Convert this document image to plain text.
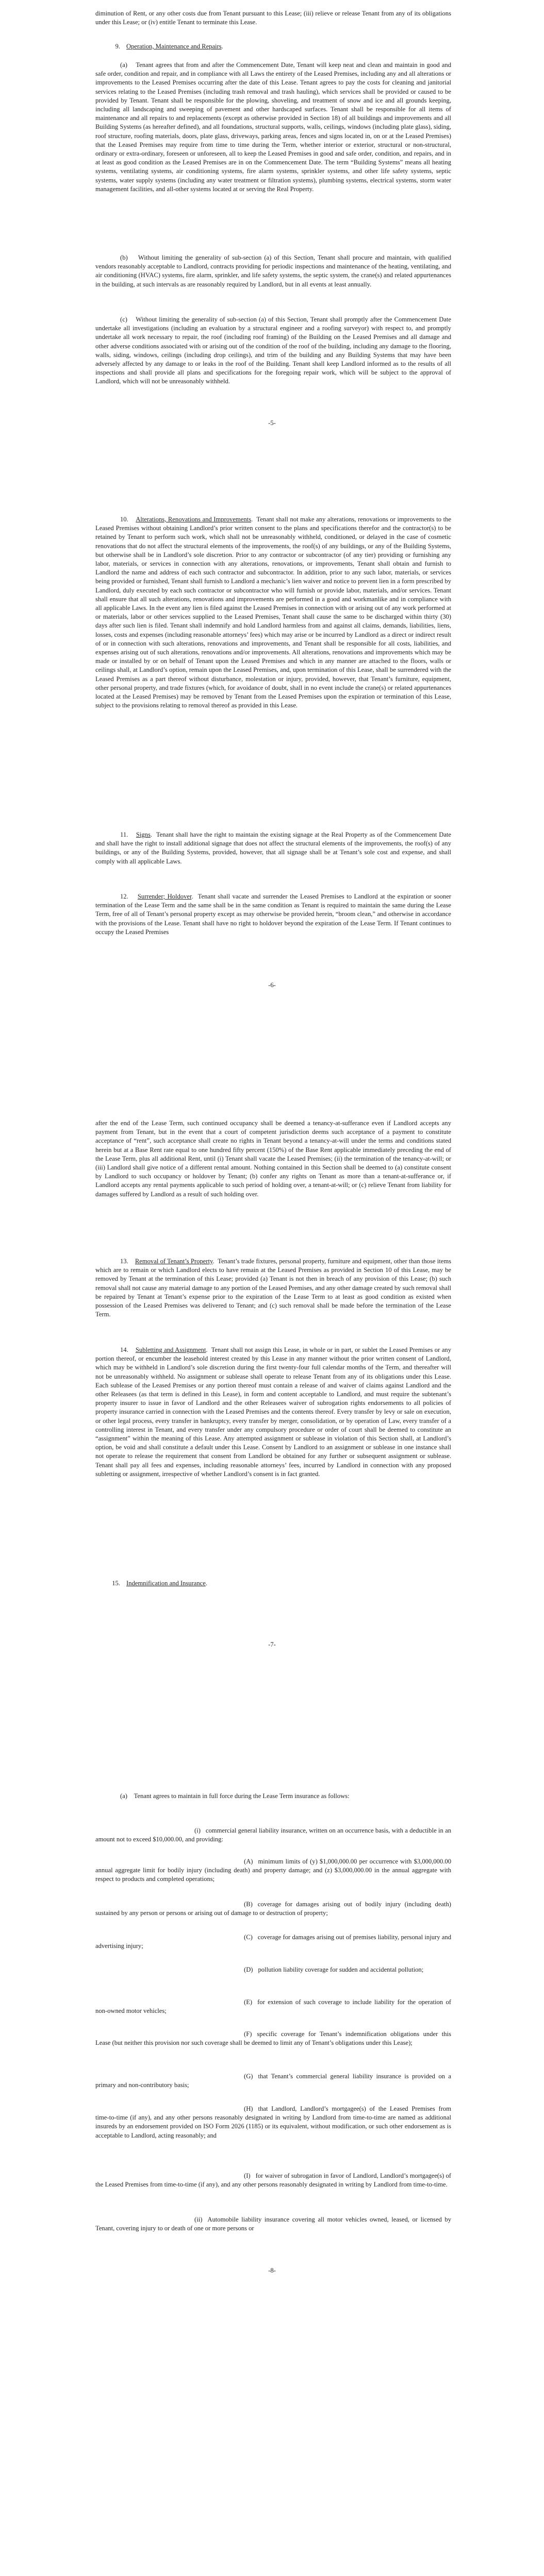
diminution of Rent, or any other costs due from Tenant pursuant to this Lease; (iii) relieve or release Tenant from any of its obligations under this Lease; or (iv) entitle Tenant to terminate this Lease.

9. Operation, Maintenance and Repairs.

(a)    Tenant agrees that from and after the Commencement Date, Tenant will keep neat and clean and maintain in good and safe order, condition and repair, and in compliance with all Laws the entirety of the Leased Premises, including any and all alterations or improvements to the Leased Premises occurring after the date of this Lease. Tenant agrees to pay the costs for cleaning and janitorial services relating to the Leased Premises (including trash removal and trash hauling), which services shall be provided or caused to be provided by Tenant. Tenant shall be responsible for the plowing, shoveling, and treatment of snow and ice and all grounds keeping, including all landscaping and sweeping of pavement and other hardscaped surfaces. Tenant shall be responsible for all items of maintenance and all repairs to and replacements (except as otherwise provided in Section 18) of all buildings and improvements and all Building Systems (as hereafter defined), and all foundations, structural supports, walls, ceilings, windows (including plate glass), siding, roof structure, roofing materials, doors, plate glass, driveways, parking areas, fences and signs located in, on or at the Leased Premises) that the Leased Premises may require from time to time during the Term, whether interior or exterior, structural or non-structural, ordinary or extra-ordinary, foreseen or unforeseen, all to keep the Leased Premises in good and safe order, condition, and repairs, and in at least as good condition as the Leased Premises are in on the Commencement Date. The term “Building Systems” means all heating systems, ventilating systems, air conditioning systems, fire alarm systems, sprinkler systems, and other life safety systems, septic systems, water supply systems (including any water treatment or filtration systems), plumbing systems, electrical systems, storm water management facilities, and all-other systems located at or serving the Real Property.

(b)    Without limiting the generality of sub-section (a) of this Section, Tenant shall procure and maintain, with qualified vendors reasonably acceptable to Landlord, contracts providing for periodic inspections and maintenance of the heating, ventilating, and air conditioning (HVAC) systems, fire alarm, sprinkler, and life safety systems, the septic system, the crane(s) and related appurtenances in the building, at such intervals as are reasonably required by Landlord, but in all events at least annually.

(c)    Without limiting the generality of sub-section (a) of this Section, Tenant shall promptly after the Commencement Date undertake all investigations (including an evaluation by a structural engineer and a roofing surveyor) with respect to, and promptly undertake all work necessary to repair, the roof (including roof framing) of the Building on the Leased Premises and all damage and other adverse conditions associated with or arising out of the condition of the roof of the building, including any damage to the flooring, walls, siding, windows, ceilings (including drop ceilings), and trim of the building and any Building Systems that may have been adversely affected by any damage to or leaks in the roof of the Building. Tenant shall keep Landlord informed as to the results of all inspections and shall provide all plans and specifications for the foregoing repair work, which will be subject to the approval of Landlord, which will not be unreasonably withheld.

-5-

10. Alterations, Renovations and Improvements.  Tenant shall not make any alterations, renovations or improvements to the Leased Premises without obtaining Landlord’s prior written consent to the plans and specifications therefor and the contractor(s) to be retained by Tenant to perform such work, which shall not be unreasonably withheld, conditioned, or delayed in the case of cosmetic renovations that do not affect the structural elements of the improvements, the roof(s) of any buildings, or any of the Building Systems, but otherwise shall be in Landlord’s sole discretion. Prior to any contractor or subcontractor (of any tier) providing or furnishing any labor, materials, or services in connection with any alterations, renovations, or improvements, Tenant shall obtain and furnish to Landlord the name and address of each such contractor and subcontractor. In addition, prior to any such labor, materials, or services being provided or furnished, Tenant shall furnish to Landlord a mechanic’s lien waiver and notice to prevent lien in a form prescribed by Landlord, duly executed by each such contractor or subcontractor who will furnish or provide labor, materials, and/or services. Tenant shall ensure that all such alterations, renovations and improvements are performed in a good and workmanlike and in compliance with all applicable Laws. In the event any lien is filed against the Leased Premises in connection with or arising out of any work performed at or materials, labor or other services supplied to the Leased Premises, Tenant shall cause the same to be discharged within thirty (30) days after such lien is filed. Tenant shall indemnify and hold Landlord harmless from and against all claims, demands, liabilities, liens, losses, costs and expenses (including reasonable attorneys’ fees) which may arise or be incurred by Landlord as a direct or indirect result of or in connection with such alterations, renovations and improvements, and Tenant shall be responsible for all costs, liabilities, and expenses arising out of such alterations, renovations and/or improvements. All alterations, renovations and improvements which may be made or installed by or on behalf of Tenant upon the Leased Premises and which in any manner are attached to the floors, walls or ceilings shall, at Landlord’s option, remain upon the Leased Premises, and, upon termination of this Lease, shall be surrendered with the Leased Premises as a part thereof without disturbance, molestation or injury, provided, however, that Tenant’s furniture, equipment, other personal property, and trade fixtures (which, for avoidance of doubt, shall in no event include the crane(s) or related appurtenances located at the Leased Premises) may be removed by Tenant from the Leased Premises upon the expiration or termination of this Lease, subject to the provisions relating to removal thereof as provided in this Lease.

11. Signs.  Tenant shall have the right to maintain the existing signage at the Real Property as of the Commencement Date and shall have the right to install additional signage that does not affect the structural elements of the improvements, the roof(s) of any buildings, or any of the Building Systems, provided, however, that all signage shall be at Tenant’s sole cost and expense, and shall comply with all applicable Laws.

12. Surrender; Holdover.  Tenant shall vacate and surrender the Leased Premises to Landlord at the expiration or sooner termination of the Lease Term and the same shall be in the same condition as Tenant is required to maintain the same during the Lease Term, free of all of Tenant’s personal property except as may otherwise be provided herein, “broom clean,” and otherwise in accordance with the provisions of the Lease. Tenant shall have no right to holdover beyond the expiration of the Lease Term. If Tenant continues to occupy the Leased Premises

-6-

after the end of the Lease Term, such continued occupancy shall be deemed a tenancy-at-sufferance even if Landlord accepts any payment from Tenant, but in the event that a court of competent jurisdiction deems such acceptance of a payment to constitute acceptance of “rent”, such acceptance shall create no rights in Tenant beyond a tenancy-at-will under the terms and conditions stated herein but at a Base Rent rate equal to one hundred fifty percent (150%) of the Base Rent applicable immediately preceding the end of the Lease Term, plus all additional Rent, until (i) Tenant shall vacate the Leased Premises; (ii) the termination of the tenancy-at-will; or (iii) Landlord shall give notice of a different rental amount. Nothing contained in this Section shall be deemed to (a) constitute consent by Landlord to such occupancy or holdover by Tenant; (b) confer any rights on Tenant as more than a tenant-at-sufferance or, if Landlord accepts any rental payments applicable to such period of holding over, a tenant-at-will; or (c) relieve Tenant from liability for damages suffered by Landlord as a result of such holding over.

13. Removal of Tenant’s Property.  Tenant’s trade fixtures, personal property, furniture and equipment, other than those items which are to remain or which Landlord elects to have remain at the Leased Premises as provided in Section 10 of this Lease, may be removed by Tenant at the termination of this Lease; provided (a) Tenant is not then in breach of any provision of this Lease; (b) such removal shall not cause any material damage to any portion of the Leased Premises, and any other damage created by such removal shall be repaired by Tenant at Tenant’s expense prior to the expiration of the Lease Term to at least as good condition as existed when possession of the Leased Premises was delivered to Tenant; and (c) such removal shall be made before the termination of the Lease Term.

14. Subletting and Assignment.  Tenant shall not assign this Lease, in whole or in part, or sublet the Leased Premises or any portion thereof, or encumber the leasehold interest created by this Lease in any manner without the prior written consent of Landlord, which may be withheld in Landlord’s sole discretion during the first twenty-four full calendar months of the Term, and thereafter will not be unreasonably withheld. No assignment or sublease shall operate to release Tenant from any of its obligations under this Lease. Each sublease of the Leased Premises or any portion thereof must contain a release of and waiver of claims against Landlord and the other Releasees (as that term is defined in this Lease), in form and content acceptable to Landlord, and must require the subtenant’s property insurer to issue in favor of Landlord and the other Releasees waiver of subrogation rights endorsements to all policies of property insurance carried in connection with the Leased Premises and the contents thereof. Every transfer by levy or sale on execution, or other legal process, every transfer in bankruptcy, every transfer by merger, consolidation, or by operation of Law, every transfer of a controlling interest in Tenant, and every transfer under any compulsory procedure or order of court shall be deemed to constitute an “assignment” within the meaning of this Lease. Any attempted assignment or sublease in violation of this Section shall, at Landlord’s option, be void and shall constitute a default under this Lease. Consent by Landlord to an assignment or sublease in one instance shall not operate to release the requirement that consent from Landlord be obtained for any further or subsequent assignment or sublease. Tenant shall pay all fees and expenses, including reasonable attorneys’ fees, incurred by Landlord in connection with any proposed subletting or assignment, irrespective of whether Landlord’s consent is in fact granted.

15. Indemnification and Insurance.
-7-

(a)    Tenant agrees to maintain in full force during the Lease Term insurance as follows:

(i) commercial general liability insurance, written on an occurrence basis, with a deductible in an amount not to exceed $10,000.00, and providing:

(A) minimum limits of (y) $1,000,000.00 per occurrence with $3,000,000.00 annual aggregate limit for bodily injury (including death) and property damage; and (z) $3,000,000.00 in the annual aggregate with respect to products and completed operations;

(B) coverage for damages arising out of bodily injury (including death) sustained by any person or persons or arising out of damage to or destruction of property;

(C) coverage for damages arising out of premises liability, personal injury and advertising injury;

(D) pollution liability coverage for sudden and accidental pollution;

(E) for extension of such coverage to include liability for the operation of non-owned motor vehicles;

(F) specific coverage for Tenant’s indemnification obligations under this Lease (but neither this provision nor such coverage shall be deemed to limit any of Tenant’s obligations under this Lease);

(G) that Tenant’s commercial general liability insurance is provided on a primary and non-contributory basis;

(H) that Landlord, Landlord’s mortgagee(s) of the Leased Premises from time-to-time (if any), and any other persons reasonably designated in writing by Landlord from time-to-time are named as additional insureds by an endorsement provided on ISO Form 2026 (1185) or its equivalent, without modification, or such other endorsement as is acceptable to Landlord, acting reasonably; and

(I) for waiver of subrogation in favor of Landlord, Landlord’s mortgagee(s) of the Leased Premises from time-to-time (if any), and any other persons reasonably designated in writing by Landlord from time-to-time.

(ii) Automobile liability insurance covering all motor vehicles owned, leased, or licensed by Tenant, covering injury to or death of one or more persons or

-8-
